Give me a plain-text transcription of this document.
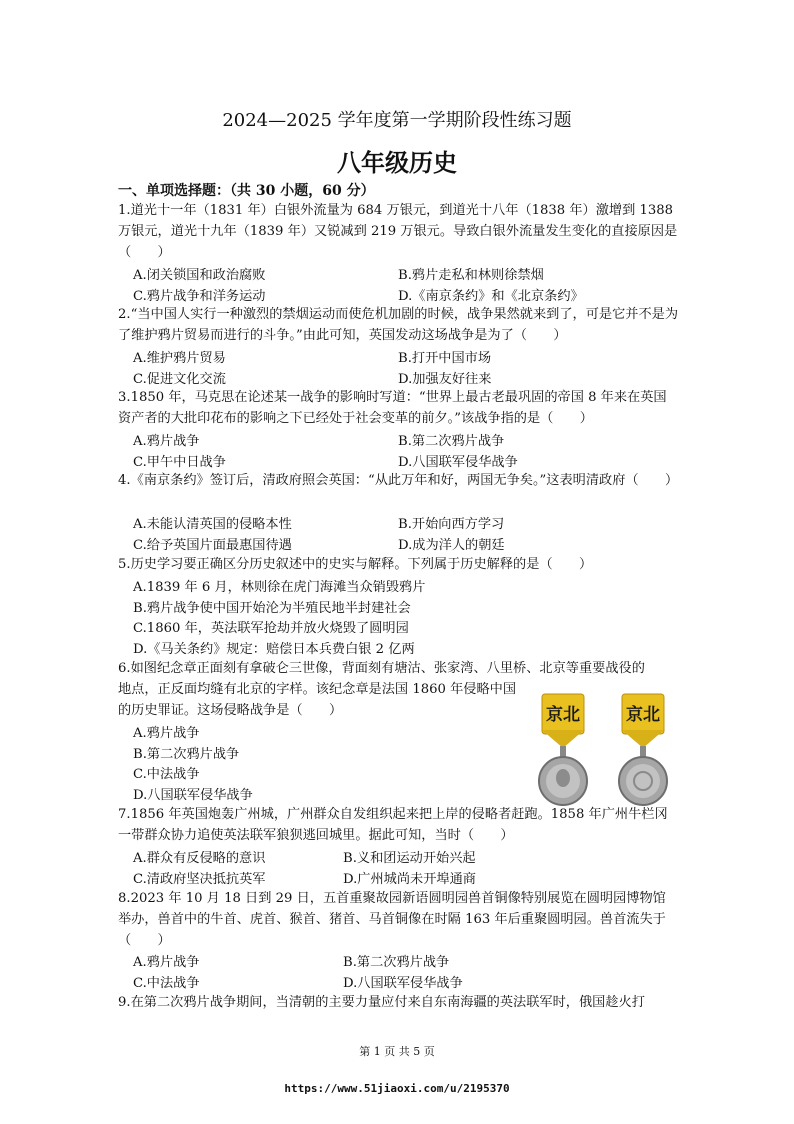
2024—2025 学年度第一学期阶段性练习题
八年级历史
一、单项选择题：（共 30 小题，60 分）
1.道光十一年（1831 年）白银外流量为 684 万银元，到道光十八年（1838 年）激增到 1388 万银元，道光十九年（1839 年）又锐减到 219 万银元。导致白银外流量发生变化的直接原因是（　　）
A.闭关锁国和政治腐败	B.鸦片走私和林则徐禁烟
C.鸦片战争和洋务运动	D.《南京条约》和《北京条约》
2.“当中国人实行一种激烈的禁烟运动而使危机加剧的时候，战争果然就来到了，可是它并不是为了维护鸦片贸易而进行的斗争。”由此可知，英国发动这场战争是为了（　　）
A.维护鸦片贸易	B.打开中国市场
C.促进文化交流	D.加强友好往来
3.1850 年，马克思在论述某一战争的影响时写道：“世界上最古老最巩固的帝国 8 年来在英国资产者的大批印花布的影响之下已经处于社会变革的前夕。”该战争指的是（　　）
A.鸦片战争	B.第二次鸦片战争
C.甲午中日战争	D.八国联军侵华战争
4.《南京条约》签订后，清政府照会英国：“从此万年和好，两国无争矣。”这表明清政府（　　）
A.未能认清英国的侵略本性	B.开始向西方学习
C.给予英国片面最惠国待遇	D.成为洋人的朝廷
5.历史学习要正确区分历史叙述中的史实与解释。下列属于历史解释的是（　　）
A.1839 年 6 月，林则徐在虎门海滩当众销毁鸦片
B.鸦片战争使中国开始沦为半殖民地半封建社会
C.1860 年，英法联军抢劫并放火烧毁了圆明园
D.《马关条约》规定：赔偿日本兵费白银 2 亿两
6.如图纪念章正面刻有拿破仑三世像，背面刻有塘沽、张家湾、八里桥、北京等重要战役的
地点，正反面均缝有北京的字样。该纪念章是法国 1860 年侵略中国的历史罪证。这场侵略战争是（　　）
A.鸦片战争
B.第二次鸦片战争
C.中法战争
D.八国联军侵华战争
京北	京北
7.1856 年英国炮轰广州城，广州群众自发组织起来把上岸的侵略者赶跑。1858 年广州牛栏冈一带群众协力追使英法联军狼狈逃回城里。据此可知，当时（　　）
A.群众有反侵略的意识	B.义和团运动开始兴起
C.清政府坚决抵抗英军	D.广州城尚未开埠通商
8.2023 年 10 月 18 日到 29 日，五首重聚故园新语圆明园兽首铜像特别展览在圆明园博物馆举办，兽首中的牛首、虎首、猴首、猪首、马首铜像在时隔 163 年后重聚圆明园。兽首流失于（　　）
A.鸦片战争	B.第二次鸦片战争
C.中法战争	D.八国联军侵华战争
9.在第二次鸦片战争期间，当清朝的主要力量应付来自东南海疆的英法联军时，俄国趁火打
第 1 页 共 5 页
https://www.51jiaoxi.com/u/2195370
